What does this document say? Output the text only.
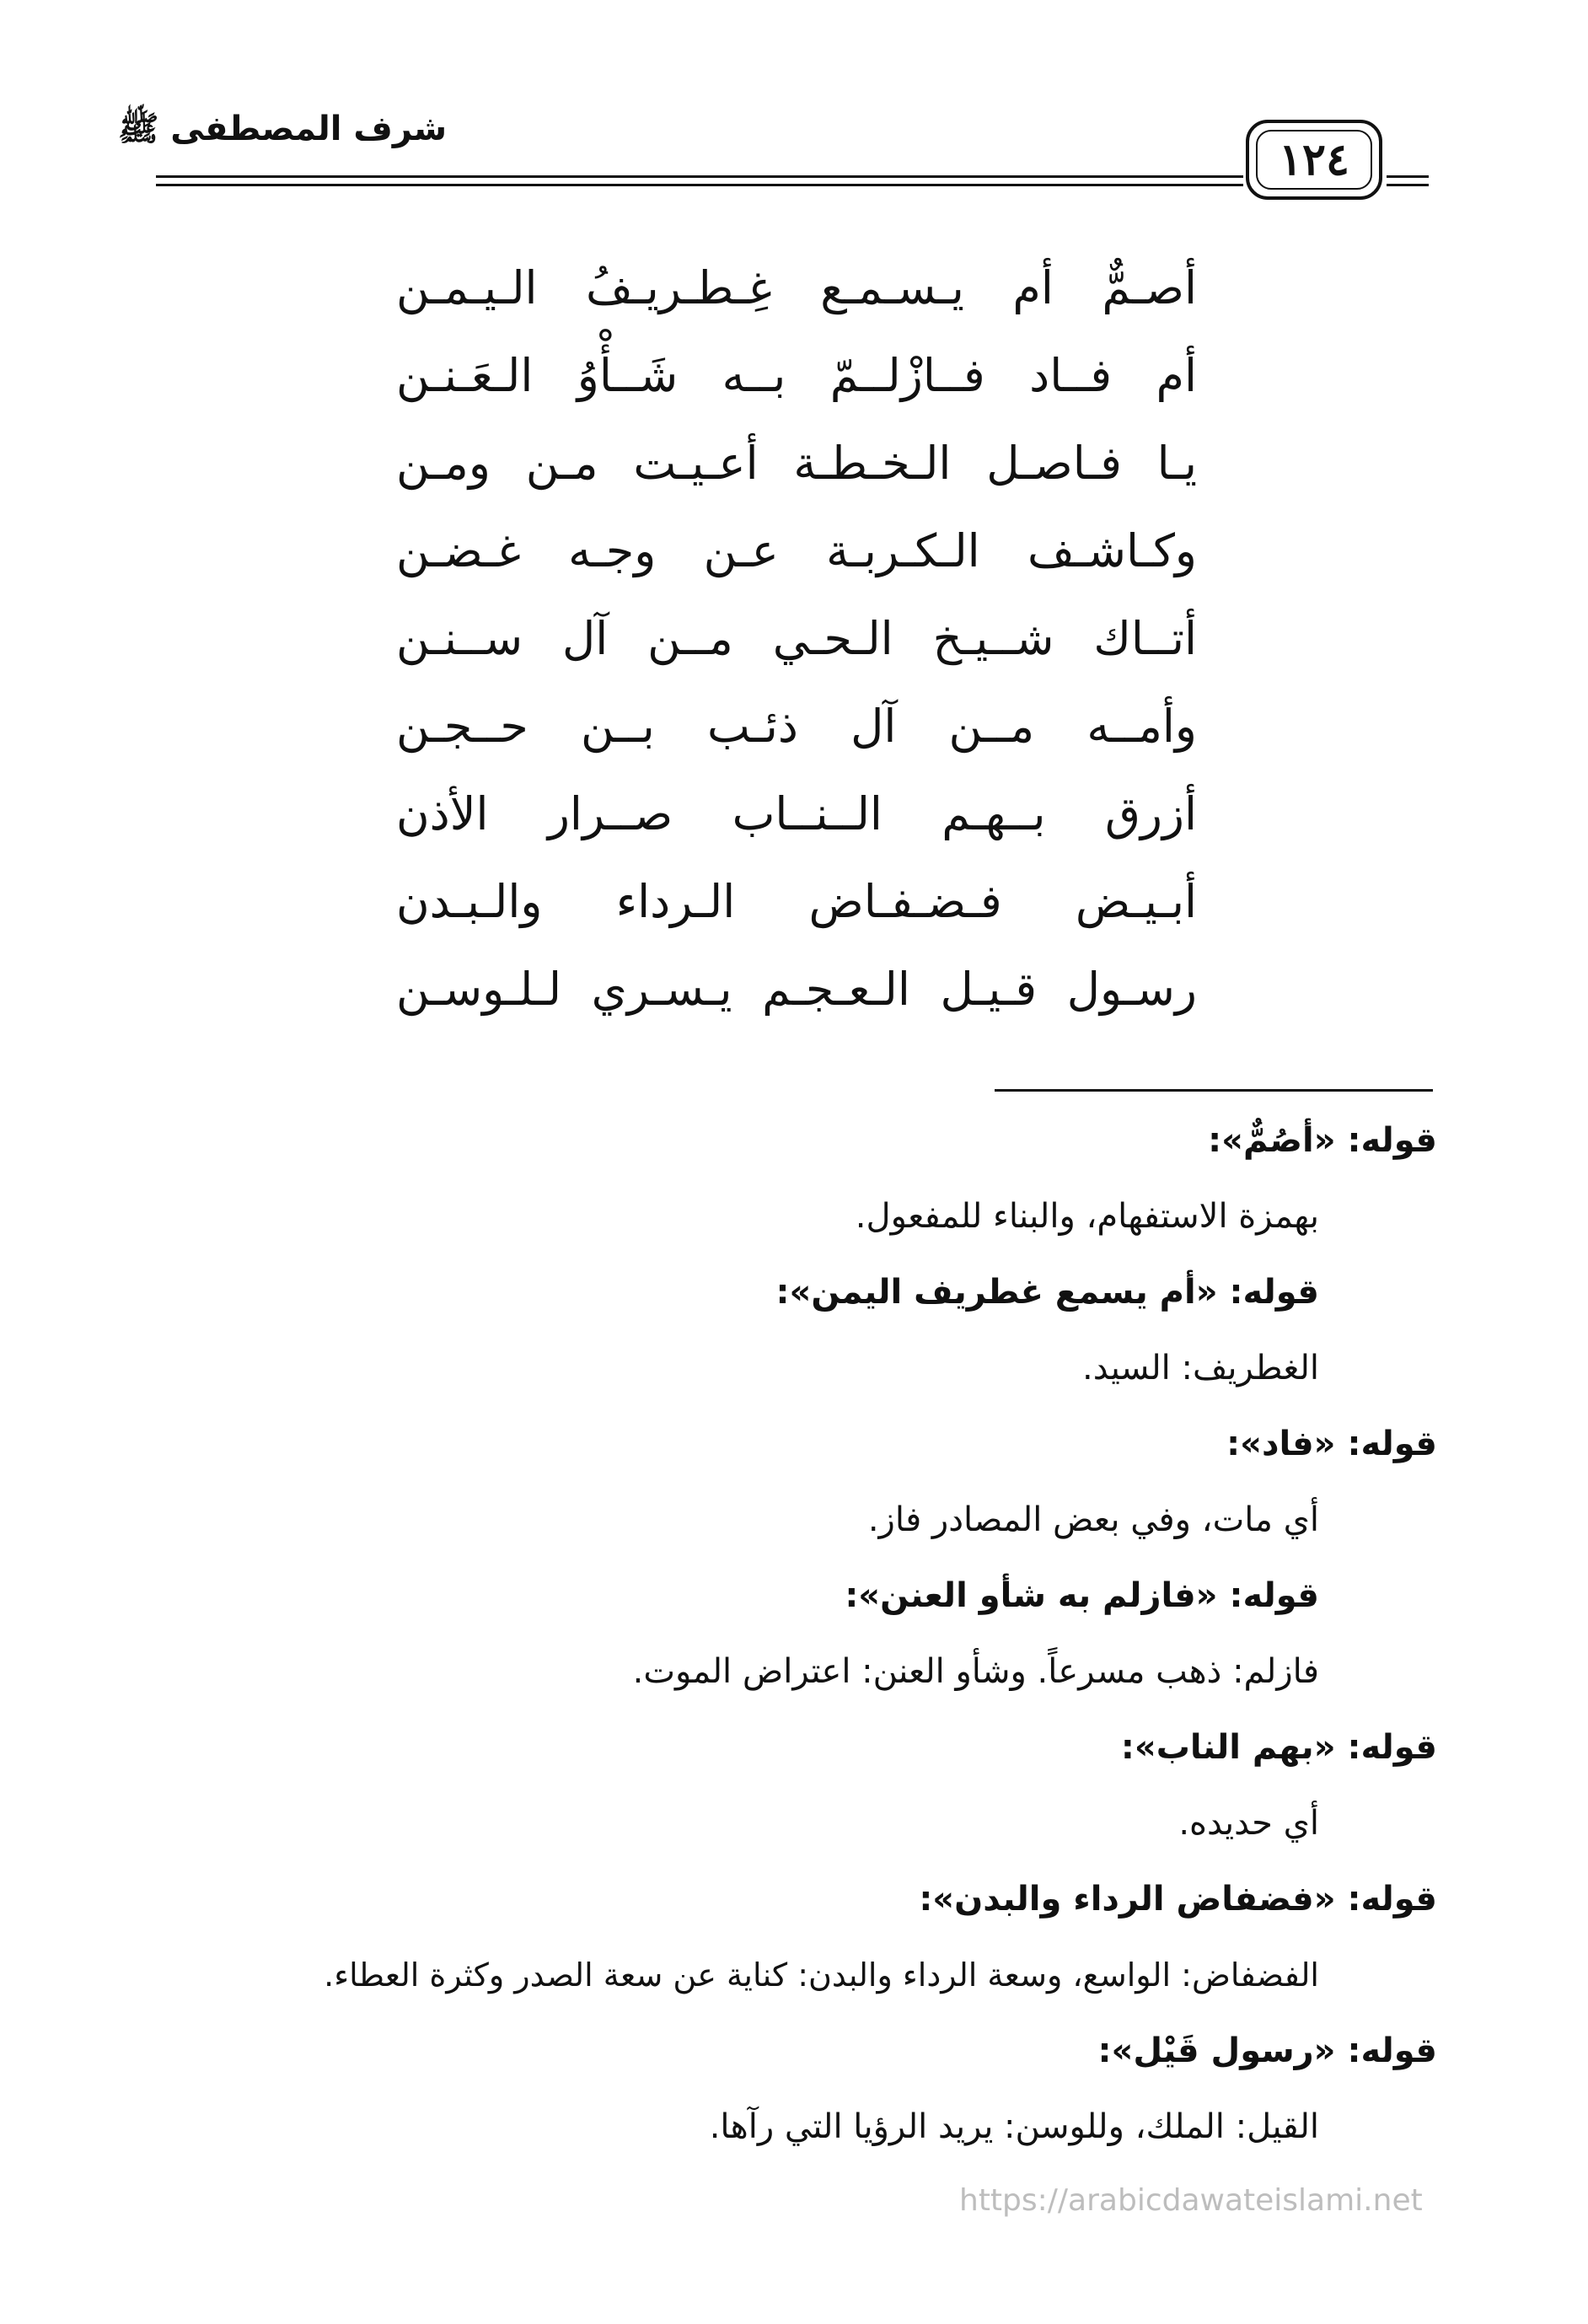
شرف المصطفى ﷺ
١٢٤
أصـمٌّ أم يـسـمـع غِـطـريـفُ الـيـمـن
أم فــاد فــازْلــمّ بــه شَــأْوُ الـعَـنـن
يـا فـاصـل الـخـطـة أعـيـت مـن ومـن
وكـاشـف الـكـربـة عـن وجـه غـضـن
أتــاك شــيـخ الـحـي مــن آل ســنـن
وأمــه مــن آل ذئـب بــن حــجـن
أزرق بــهـم الــنــاب صــرار الأذن
أبـيـض فـضـفـاض الـرداء والـبـدن
رسـول قـيـل الـعـجـم يـسـري لـلـوسـن
قوله: «أصُمٌّ»:
بهمزة الاستفهام، والبناء للمفعول.
قوله: «أم يسمع غطريف اليمن»:
الغطريف: السيد.
قوله: «فاد»:
أي مات، وفي بعض المصادر فاز.
قوله: «فازلم به شأو العنن»:
فازلم: ذهب مسرعاً. وشأو العنن: اعتراض الموت.
قوله: «بهم الناب»:
أي حديده.
قوله: «فضفاض الرداء والبدن»:
الفضفاض: الواسع، وسعة الرداء والبدن: كناية عن سعة الصدر وكثرة العطاء.
قوله: «رسول قَيْل»:
القيل: الملك، وللوسن: يريد الرؤيا التي رآها.
https://arabicdawateislami.net
